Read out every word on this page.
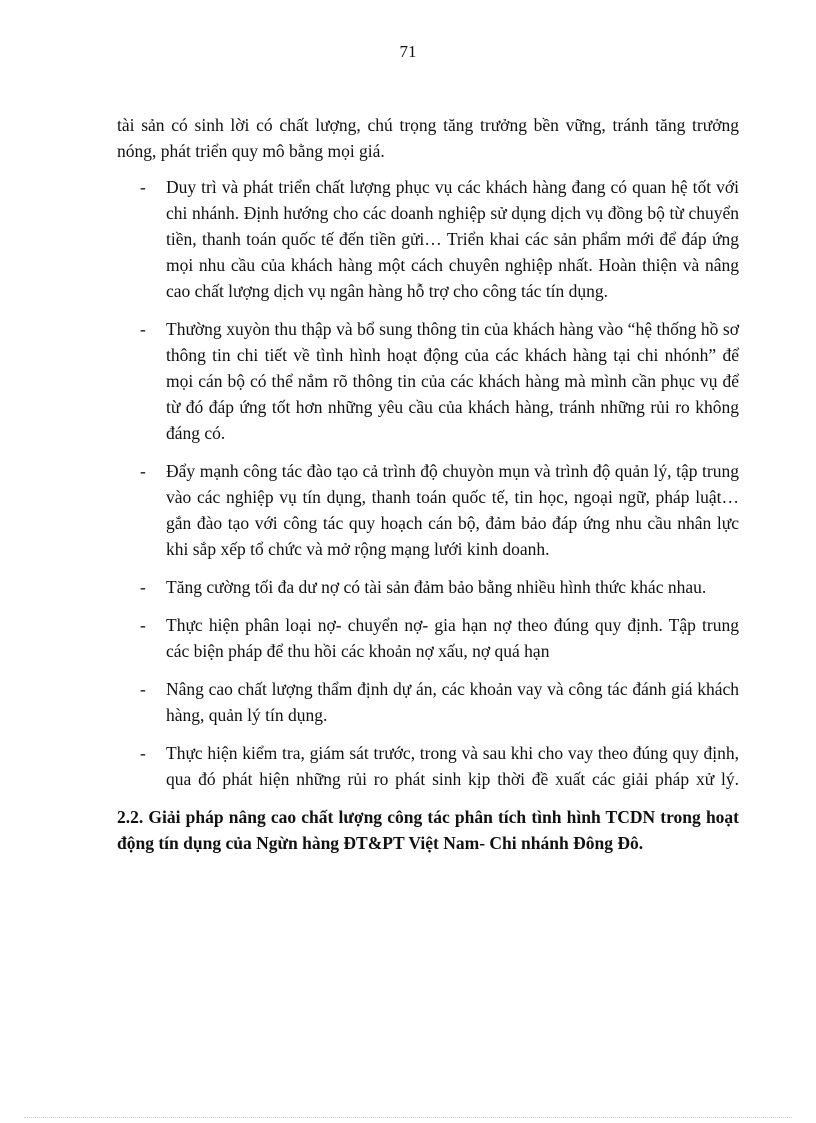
71

tài sản có sinh lời có chất lượng, chú trọng tăng trưởng bền vững, tránh tăng trưởng nóng, phát triển quy mô bằng mọi giá.

- Duy trì và phát triển chất lượng phục vụ các khách hàng đang có quan hệ tốt với chi nhánh. Định hướng cho các doanh nghiệp sử dụng dịch vụ đồng bộ từ chuyển tiền, thanh toán quốc tế đến tiền gửi… Triển khai các sản phẩm mới để đáp ứng mọi nhu cầu của khách hàng một cách chuyên nghiệp nhất. Hoàn thiện và nâng cao chất lượng dịch vụ ngân hàng hỗ trợ cho công tác tín dụng.
- Thường xuyòn thu thập và bổ sung thông tin của khách hàng vào “hệ thống hồ sơ thông tin chi tiết về tình hình hoạt động của các khách hàng tại chi nhónh” để mọi cán bộ có thể nắm rõ thông tin của các khách hàng mà mình cần phục vụ để từ đó đáp ứng tốt hơn những yêu cầu của khách hàng, tránh những rủi ro không đáng có.
- Đẩy mạnh công tác đào tạo cả trình độ chuyòn mụn và trình độ quản lý, tập trung vào các nghiệp vụ tín dụng, thanh toán quốc tế, tin học, ngoại ngữ, pháp luật… gắn đào tạo với công tác quy hoạch cán bộ, đảm bảo đáp ứng nhu cầu nhân lực khi sắp xếp tổ chức và mở rộng mạng lưới kinh doanh.
- Tăng cường tối đa dư nợ có tài sản đảm bảo bằng nhiều hình thức khác nhau.
- Thực hiện phân loại nợ- chuyển nợ- gia hạn nợ theo đúng quy định. Tập trung các biện pháp để thu hồi các khoản nợ xấu, nợ quá hạn
- Nâng cao chất lượng thẩm định dự án, các khoản vay và công tác đánh giá khách hàng, quản lý tín dụng.
- Thực hiện kiểm tra, giám sát trước, trong và sau khi cho vay theo đúng quy định, qua đó phát hiện những rủi ro phát sinh kịp thời đề xuất các giải pháp xử lý.
2.2. Giải pháp nâng cao chất lượng công tác phân tích tình hình TCDN trong hoạt động tín dụng của Ngừn hàng ĐT&PT Việt Nam- Chi nhánh Đông Đô.
